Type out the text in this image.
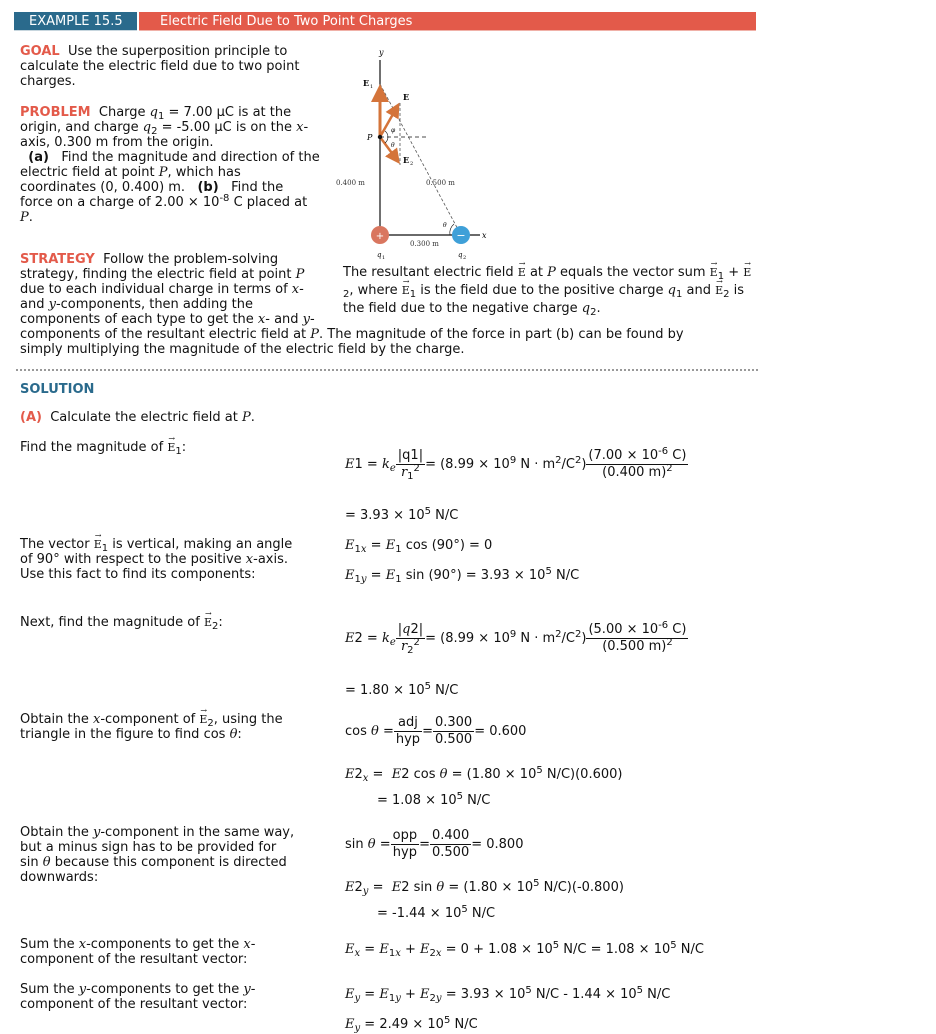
EXAMPLE 15.5	Electric Field Due to Two Point Charges
GOAL Use the superposition principle to calculate the electric field due to two point charges.
PROBLEM Charge $q_1 = 7.00$ μC is at the origin, and charge $q_2 = -5.00$ μC is on the x-axis, 0.300 m from the origin.
(a) Find the magnitude and direction of the electric field at point P, which has coordinates (0, 0.400) m. (b) Find the force on a charge of $2.00 \times 10^{-8}$ C placed at P.
+	−
y
x
E 1
E
E 2
P
φ
θ
θ
0.400 m	0.500 m
0.300 m
q 1	q 2
STRATEGY Follow the problem-solving strategy, finding the electric field at point P due to each individual charge in terms of x- and y-components, then adding the components of each type to get the x- and y-
The resultant electric field → E at P equals the vector sum → $E_1$ + → $E_2$, where → $E_1$ is the field due to the positive charge $q_1$ and → $E_2$ is the field due to the negative charge $q_2$.
components of the resultant electric field at P. The magnitude of the force in part (b) can be found by
simply multiplying the magnitude of the electric field by the charge.
SOLUTION
(A) Calculate the electric field at P.
Find the magnitude of → $E_1$:
The vector → $E_1$ is vertical, making an angle of 90° with respect to the positive x-axis. Use this fact to find its components:
Next, find the magnitude of → $E_2$:
Obtain the x-component of → $E_2$, using the triangle in the figure to find cos θ:
Obtain the y-component in the same way, but a minus sign has to be provided for sin θ because this component is directed downwards:
Sum the x-components to get the x-component of the resultant vector:
Sum the y-components to get the y-component of the resultant vector:
$E1 = k_e \frac{|q1|}{r_1^2} = (8.99 \times 10^9$ $N \cdot m^2/C^2) \frac{(7.00 \times 10^{-6} C)}{(0.400 m)^2}$
= $3.93 \times 10^5$ N/C
$E_{1x} = E_1$ cos (90°) = 0
$E_{1y} = E_1$ $\sin (90^\circ) = 3.93 \times 10^5$ N/C
$E2 = k_e \frac{|q2|}{r_2^2} = (8.99 \times 10^9$ $N \cdot m^2/C^2) \frac{(5.00 \times 10^{-6} C)}{(0.500 m)^2}$
= $1.80 \times 10^5$ N/C
$\cos \theta = \frac{\text{adj}}{\text{hyp}} = \frac{0.300}{0.500} = 0.600$
$E2_x = E2$ $\cos \theta = (1.80 \times 10^5$ N/C)(0.600)
= $1.08 \times 10^5$ N/C
$\sin \theta = \frac{\text{opp}}{\text{hyp}} = \frac{0.400}{0.500} = 0.800$
$E2_y = E2$ $\sin \theta = (1.80 \times 10^5$ N/C)(-0.800)
= $-1.44 \times 10^5$ N/C
$E_x = E_{1x} + E_{2x} = 0 + 1.08 \times 10^5$ $N/C = 1.08 \times 10^5$ N/C
$E_y = E_{1y} + E_{2y} = 3.93 \times 10^5$ $N/C - 1.44 \times 10^5$ N/C
$E_y = 2.49 \times 10^5$ N/C
